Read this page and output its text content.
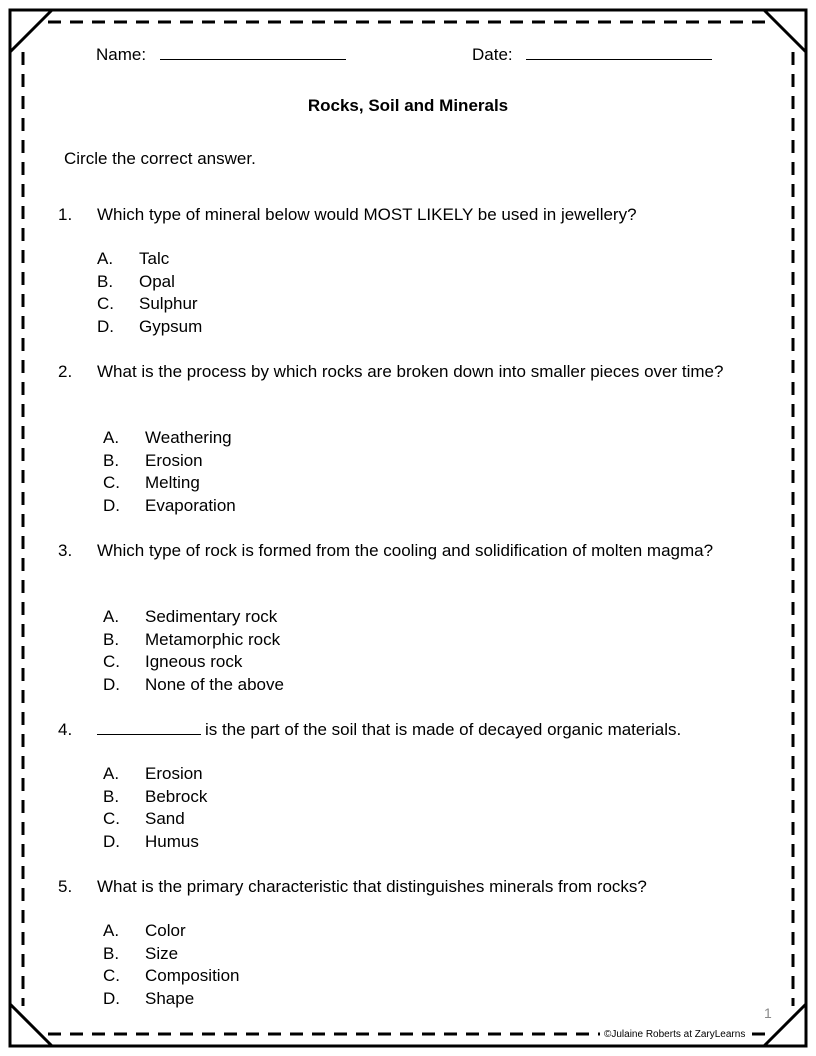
Name:	Date:
Rocks, Soil and Minerals

Circle the correct answer.

1. Which type of mineral below would MOST LIKELY be used in jewellery?
A. Talc
B. Opal
C. Sulphur
D. Gypsum
2. What is the process by which rocks are broken down into smaller pieces over time?
A. Weathering
B. Erosion
C. Melting
D. Evaporation
3. Which type of rock is formed from the cooling and solidification of molten magma?
A. Sedimentary rock
B. Metamorphic rock
C. Igneous rock
D. None of the above
4.	is the part of the soil that is made of decayed organic materials.
A. Erosion
B. Bebrock
C. Sand
D. Humus
5. What is the primary characteristic that distinguishes minerals from rocks?
A. Color
B. Size
C. Composition
D. Shape
1
©Julaine Roberts at ZaryLearns
